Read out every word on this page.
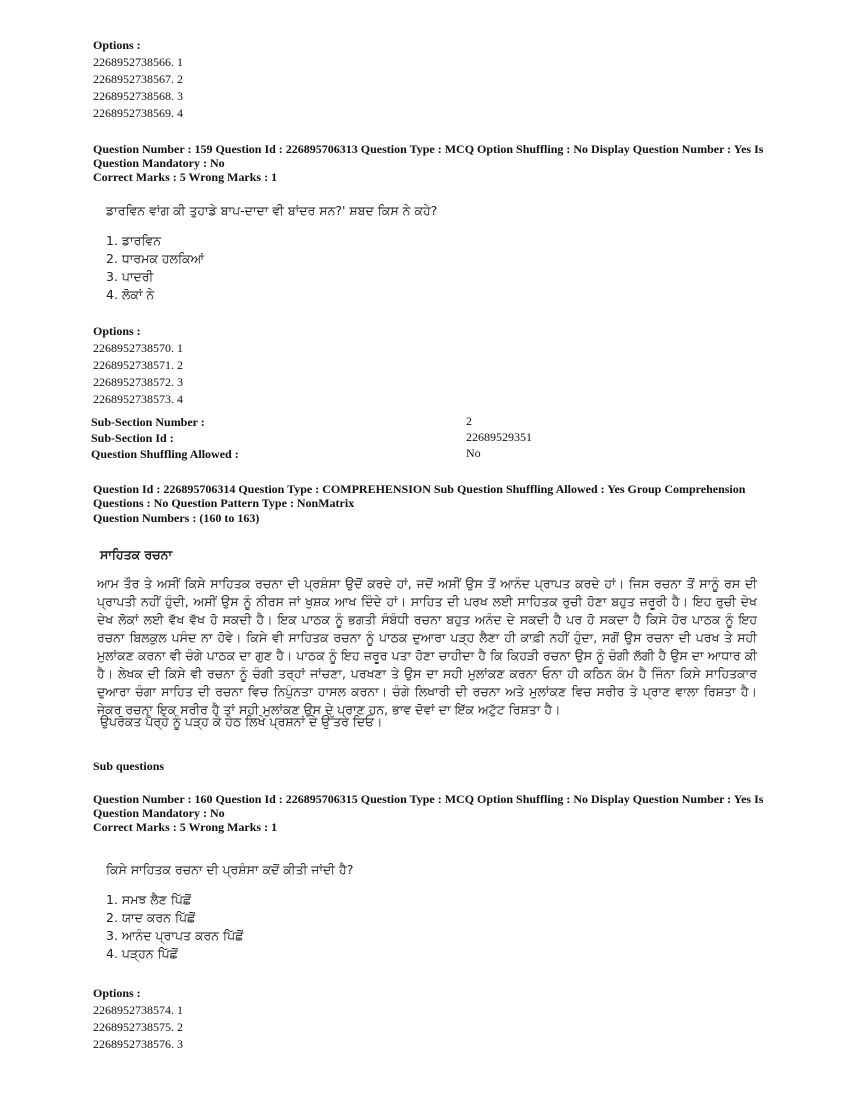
Options :
2268952738566. 1
2268952738567. 2
2268952738568. 3
2268952738569. 4
Question Number : 159 Question Id : 226895706313 Question Type : MCQ Option Shuffling : No Display Question Number : Yes Is
Question Mandatory : No
Correct Marks : 5 Wrong Marks : 1
ਡਾਰਵਿਨ ਵਾਂਗ ਕੀ ਤੁਹਾਡੇ ਬਾਪ-ਦਾਦਾ ਵੀ ਬਾਂਦਰ ਸਨ?' ਸ਼ਬਦ ਕਿਸ ਨੇ ਕਹੇ?
1. ਡਾਰਵਿਨ
2. ਧਾਰਮਕ ਹਲਕਿਆਂ
3. ਪਾਦਰੀ
4. ਲੋਕਾਂ ਨੇ
Options :
2268952738570. 1
2268952738571. 2
2268952738572. 3
2268952738573. 4
Sub-Section Number :	2
Sub-Section Id :	22689529351
Question Shuffling Allowed :	No
Question Id : 226895706314 Question Type : COMPREHENSION Sub Question Shuffling Allowed : Yes Group Comprehension
Questions : No Question Pattern Type : NonMatrix
Question Numbers : (160 to 163)
ਸਾਹਿਤਕ ਰਚਨਾ
ਆਮ ਤੌਰ ਤੇ ਅਸੀਂ ਕਿਸੇ ਸਾਹਿਤਕ ਰਚਨਾ ਦੀ ਪ੍ਰਸ਼ੰਸਾ ਉਦੋਂ ਕਰਦੇ ਹਾਂ, ਜਦੋਂ ਅਸੀਂ ਉਸ ਤੋਂ ਆਨੰਦ ਪ੍ਰਾਪਤ ਕਰਦੇ ਹਾਂ। ਜਿਸ ਰਚਨਾ ਤੋਂ ਸਾਨੂੰ ਰਸ ਦੀ ਪ੍ਰਾਪਤੀ ਨਹੀਂ ਹੁੰਦੀ, ਅਸੀਂ ਉਸ ਨੂੰ ਨੀਰਸ ਜਾਂ ਖੁਸ਼ਕ ਆਖ ਦਿੰਦੇ ਹਾਂ। ਸਾਹਿਤ ਦੀ ਪਰਖ ਲਈ ਸਾਹਿਤਕ ਰੁਚੀ ਹੋਣਾ ਬਹੁਤ ਜ਼ਰੂਰੀ ਹੈ। ਇਹ ਰੁਚੀ ਦੇਖ ਦੇਖ ਲੋਕਾਂ ਲਈ ਵੱਖ ਵੱਖ ਹੋ ਸਕਦੀ ਹੈ। ਇਕ ਪਾਠਕ ਨੂੰ ਭਗਤੀ ਸੰਬੰਧੀ ਰਚਨਾ ਬਹੁਤ ਅਨੰਦ ਦੇ ਸਕਦੀ ਹੈ ਪਰ ਹੋ ਸਕਦਾ ਹੈ ਕਿਸੇ ਹੋਰ ਪਾਠਕ ਨੂੰ ਇਹ ਰਚਨਾ ਬਿਲਕੁਲ ਪਸੰਦ ਨਾ ਹੋਵੇ। ਕਿਸੇ ਵੀ ਸਾਹਿਤਕ ਰਚਨਾ ਨੂੰ ਪਾਠਕ ਦੁਆਰਾ ਪੜ੍ਹ ਲੈਣਾ ਹੀ ਕਾਫ਼ੀ ਨਹੀਂ ਹੁੰਦਾ, ਸਗੋਂ ਉਸ ਰਚਨਾ ਦੀ ਪਰਖ ਤੇ ਸਹੀ ਮੁਲਾਂਕਣ ਕਰਨਾ ਵੀ ਚੰਗੇ ਪਾਠਕ ਦਾ ਗੁਣ ਹੈ। ਪਾਠਕ ਨੂੰ ਇਹ ਜ਼ਰੂਰ ਪਤਾ ਹੋਣਾ ਚਾਹੀਦਾ ਹੈ ਕਿ ਕਿਹੜੀ ਰਚਨਾ ਉਸ ਨੂੰ ਚੰਗੀ ਲੱਗੀ ਹੈ ਉਸ ਦਾ ਆਧਾਰ ਕੀ ਹੈ। ਲੇਖਕ ਦੀ ਕਿਸੇ ਵੀ ਰਚਨਾ ਨੂੰ ਚੰਗੀ ਤਰ੍ਹਾਂ ਜਾਂਚਣਾ, ਪਰਖਣਾ ਤੇ ਉਸ ਦਾ ਸਹੀ ਮੁਲਾਂਕਣ ਕਰਨਾ ਓਨਾ ਹੀ ਕਠਿਨ ਕੰਮ ਹੈ ਜਿੰਨਾ ਕਿਸੇ ਸਾਹਿਤਕਾਰ ਦੁਆਰਾ ਚੰਗਾ ਸਾਹਿਤ ਦੀ ਰਚਨਾ ਵਿਚ ਨਿਪੁੰਨਤਾ ਹਾਸਲ ਕਰਨਾ। ਚੰਗੇ ਲਿਖਾਰੀ ਦੀ ਰਚਨਾ ਅਤੇ ਮੁਲਾਂਕਣ ਵਿਚ ਸਰੀਰ ਤੇ ਪ੍ਰਾਣ ਵਾਲਾ ਰਿਸ਼ਤਾ ਹੈ। ਜੇਕਰ ਰਚਨਾ ਇਕ ਸਰੀਰ ਹੈ ਤਾਂ ਸਹੀ ਮੁਲਾਂਕਣ ਉਸ ਦੇ ਪ੍ਰਾਣ ਹਨ, ਭਾਵ ਦੋਵਾਂ ਦਾ ਇੱਕ ਅਟੁੱਟ ਰਿਸ਼ਤਾ ਹੈ।
ਉਪਰੋਕਤ ਪੈਰ੍ਹੇ ਨੂੰ ਪੜ੍ਹ ਕੇ ਹੇਠ ਲਿਖੇ ਪ੍ਰਸ਼ਨਾਂ ਦੇ ਉੱਤਰ ਦਿਓ।
Sub questions
Question Number : 160 Question Id : 226895706315 Question Type : MCQ Option Shuffling : No Display Question Number : Yes Is
Question Mandatory : No
Correct Marks : 5 Wrong Marks : 1
ਕਿਸੇ ਸਾਹਿਤਕ ਰਚਨਾ ਦੀ ਪ੍ਰਸ਼ੰਸਾ ਕਦੋਂ ਕੀਤੀ ਜਾਂਦੀ ਹੈ?
1. ਸਮਝ ਲੈਣ ਪਿੱਛੋਂ
2. ਯਾਦ ਕਰਨ ਪਿੱਛੋਂ
3. ਆਨੰਦ ਪ੍ਰਾਪਤ ਕਰਨ ਪਿੱਛੋਂ
4. ਪੜ੍ਹਨ ਪਿੱਛੋਂ
Options :
2268952738574. 1
2268952738575. 2
2268952738576. 3
